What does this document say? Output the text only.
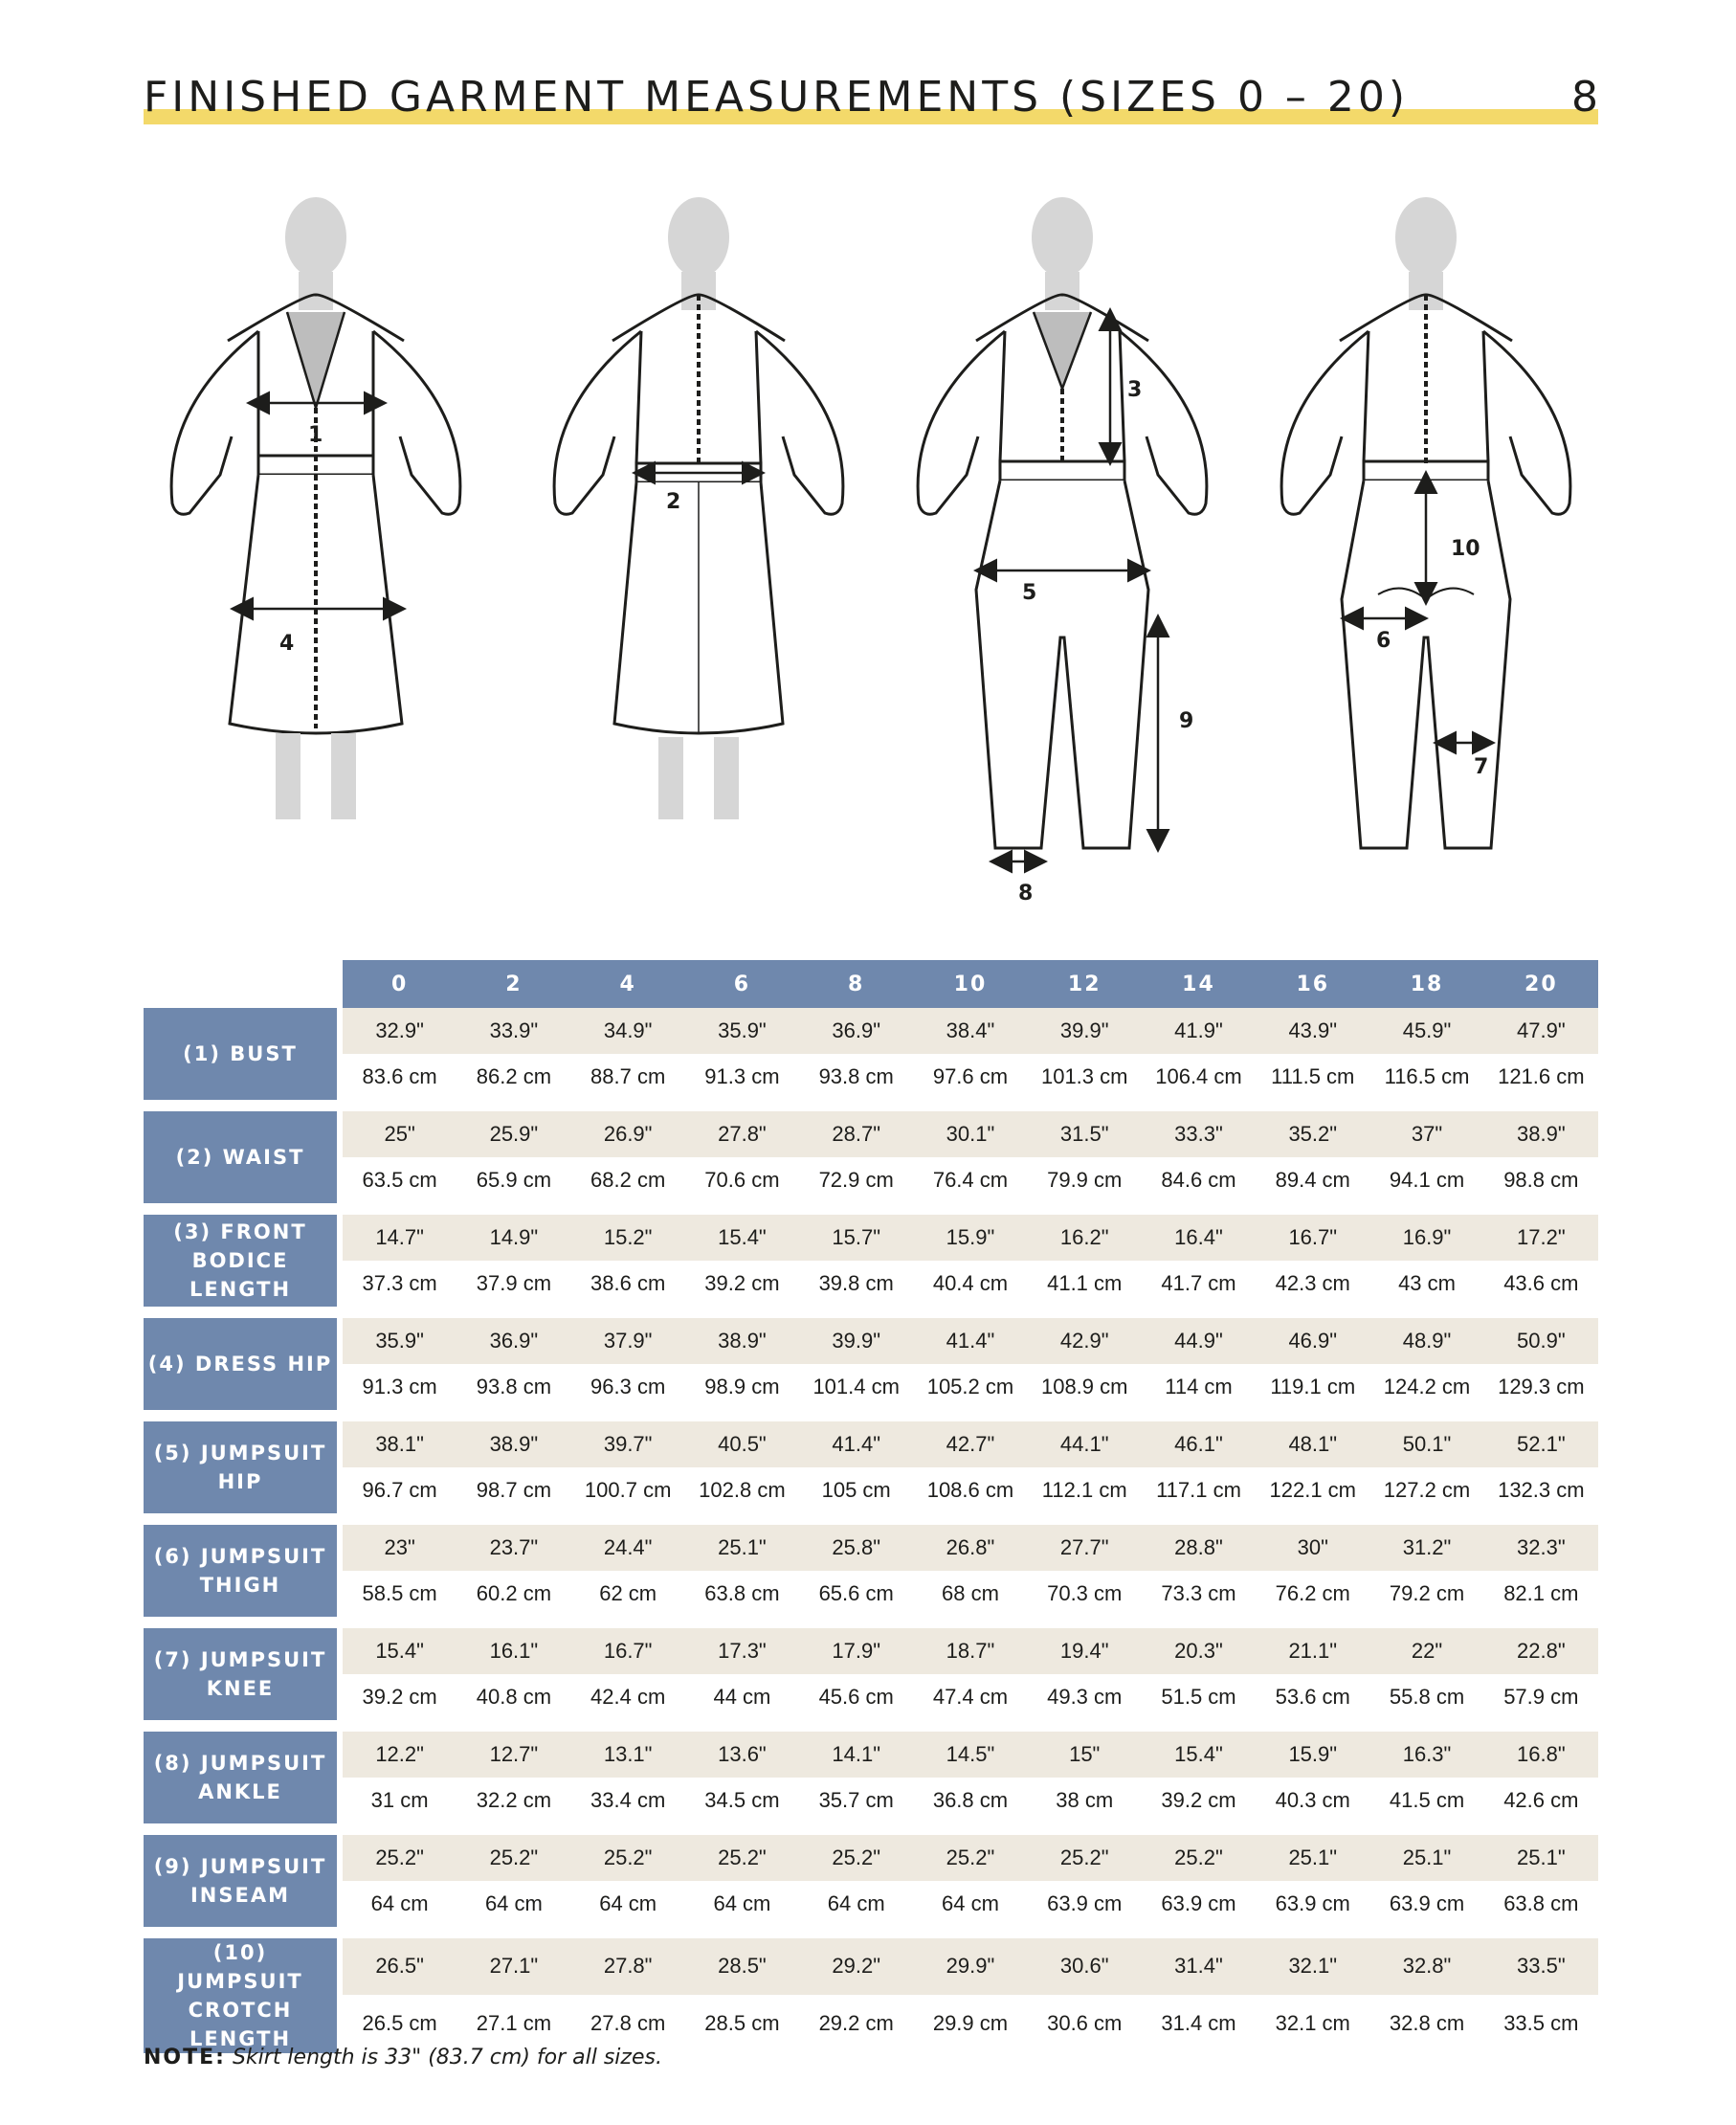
FINISHED GARMENT MEASUREMENTS (SIZES 0 – 20)	8
1
2
3
4
5
6
7
8
9
10
	0	2	4	6	8	10	12	14	16	18	20

(1) BUST	32.9"	33.9"	34.9"	35.9"	36.9"	38.4"	39.9"	41.9"	43.9"	45.9"	47.9"
	83.6 cm	86.2 cm	88.7 cm	91.3 cm	93.8 cm	97.6 cm	101.3 cm	106.4 cm	111.5 cm	116.5 cm	121.6 cm

(2) WAIST	25"	25.9"	26.9"	27.8"	28.7"	30.1"	31.5"	33.3"	35.2"	37"	38.9"
	63.5 cm	65.9 cm	68.2 cm	70.6 cm	72.9 cm	76.4 cm	79.9 cm	84.6 cm	89.4 cm	94.1 cm	98.8 cm

(3) FRONT
BODICE
LENGTH	14.7"	14.9"	15.2"	15.4"	15.7"	15.9"	16.2"	16.4"	16.7"	16.9"	17.2"
	37.3 cm	37.9 cm	38.6 cm	39.2 cm	39.8 cm	40.4 cm	41.1 cm	41.7 cm	42.3 cm	43 cm	43.6 cm

(4) DRESS HIP	35.9"	36.9"	37.9"	38.9"	39.9"	41.4"	42.9"	44.9"	46.9"	48.9"	50.9"
	91.3 cm	93.8 cm	96.3 cm	98.9 cm	101.4 cm	105.2 cm	108.9 cm	114 cm	119.1 cm	124.2 cm	129.3 cm

(5) JUMPSUIT
HIP	38.1"	38.9"	39.7"	40.5"	41.4"	42.7"	44.1"	46.1"	48.1"	50.1"	52.1"
	96.7 cm	98.7 cm	100.7 cm	102.8 cm	105 cm	108.6 cm	112.1 cm	117.1 cm	122.1 cm	127.2 cm	132.3 cm

(6) JUMPSUIT
THIGH	23"	23.7"	24.4"	25.1"	25.8"	26.8"	27.7"	28.8"	30"	31.2"	32.3"
	58.5 cm	60.2 cm	62 cm	63.8 cm	65.6 cm	68 cm	70.3 cm	73.3 cm	76.2 cm	79.2 cm	82.1 cm

(7) JUMPSUIT
KNEE	15.4"	16.1"	16.7"	17.3"	17.9"	18.7"	19.4"	20.3"	21.1"	22"	22.8"
	39.2 cm	40.8 cm	42.4 cm	44 cm	45.6 cm	47.4 cm	49.3 cm	51.5 cm	53.6 cm	55.8 cm	57.9 cm

(8) JUMPSUIT
ANKLE	12.2"	12.7"	13.1"	13.6"	14.1"	14.5"	15"	15.4"	15.9"	16.3"	16.8"
	31 cm	32.2 cm	33.4 cm	34.5 cm	35.7 cm	36.8 cm	38 cm	39.2 cm	40.3 cm	41.5 cm	42.6 cm

(9) JUMPSUIT
INSEAM	25.2"	25.2"	25.2"	25.2"	25.2"	25.2"	25.2"	25.2"	25.1"	25.1"	25.1"
	64 cm	64 cm	64 cm	64 cm	64 cm	64 cm	63.9 cm	63.9 cm	63.9 cm	63.9 cm	63.8 cm

(10) JUMPSUIT
CROTCH
LENGTH	26.5"	27.1"	27.8"	28.5"	29.2"	29.9"	30.6"	31.4"	32.1"	32.8"	33.5"
	26.5 cm	27.1 cm	27.8 cm	28.5 cm	29.2 cm	29.9 cm	30.6 cm	31.4 cm	32.1 cm	32.8 cm	33.5 cm
NOTE: Skirt length is 33" (83.7 cm) for all sizes.
